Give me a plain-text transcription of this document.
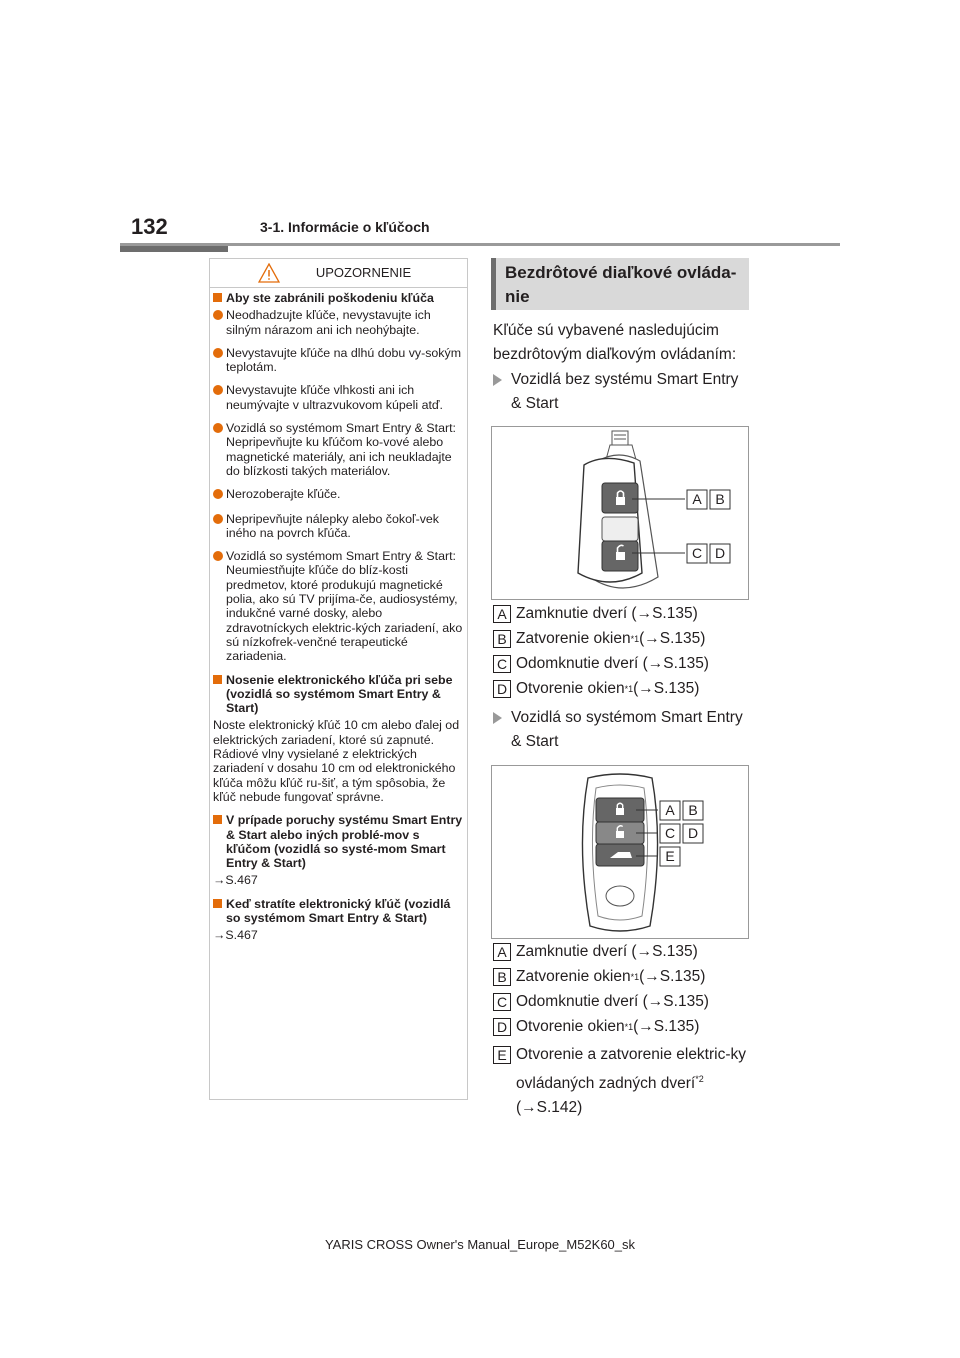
132	3-1. Informácie o kľúčoch
UPOZORNENIE
Aby ste zabránili poškodeniu kľúča
Neodhadzujte kľúče, nevystavujte ich silným nárazom ani ich neohýbajte.
Nevystavujte kľúče na dlhú dobu vy-sokým teplotám.
Nevystavujte kľúče vlhkosti ani ich neumývajte v ultrazvukovom kúpeli atď.
Vozidlá so systémom Smart Entry & Start: Nepripevňujte ku kľúčom ko-vové alebo magnetické materiály, ani ich neukladajte do blízkosti takých materiálov.
Nerozoberajte kľúče.
Nepripevňujte nálepky alebo čokoľ-vek iného na povrch kľúča.
Vozidlá so systémom Smart Entry & Start: Neumiestňujte kľúče do blíz-kosti predmetov, ktoré produkujú magnetické polia, ako sú TV prijíma-če, audiosystémy, indukčné varné dosky, alebo zdravotníckych elektric-kých zariadení, ako sú nízkofrek-venčné terapeutické zariadenia.
Nosenie elektronického kľúča pri sebe (vozidlá so systémom Smart Entry & Start)
Noste elektronický kľúč 10 cm alebo ďalej od elektrických zariadení, ktoré sú zapnuté. Rádiové vlny vysielané z elektrických zariadení v dosahu 10 cm od elektronického kľúča môžu kľúč ru-šiť, a tým spôsobia, že kľúč nebude fungovať správne.
V prípade poruchy systému Smart Entry & Start alebo iných problé-mov s kľúčom (vozidlá so systé-mom Smart Entry & Start)
→S.467
Keď stratíte elektronický kľúč (vozidlá so systémom Smart Entry & Start)
→S.467
Bezdrôtové diaľkové ovláda-nie
Kľúče sú vybavené nasledujúcim bezdrôtovým diaľkovým ovládaním:
Vozidlá bez systému Smart Entry & Start
A B
C D
A Zamknutie dverí (→S.135)
B Zatvorenie okien *1 (→S.135)
C Odomknutie dverí (→S.135)
D Otvorenie okien *1 (→S.135)
Vozidlá so systémom Smart Entry & Start
A B
C D
E
A Zamknutie dverí (→S.135)
B Zatvorenie okien *1 (→S.135)
C Odomknutie dverí (→S.135)
D Otvorenie okien *1 (→S.135)
E Otvorenie a zatvorenie elektric-ky ovládaných zadných dverí$^{*2}$
(→S.142)
YARIS CROSS Owner's Manual_Europe_M52K60_sk
